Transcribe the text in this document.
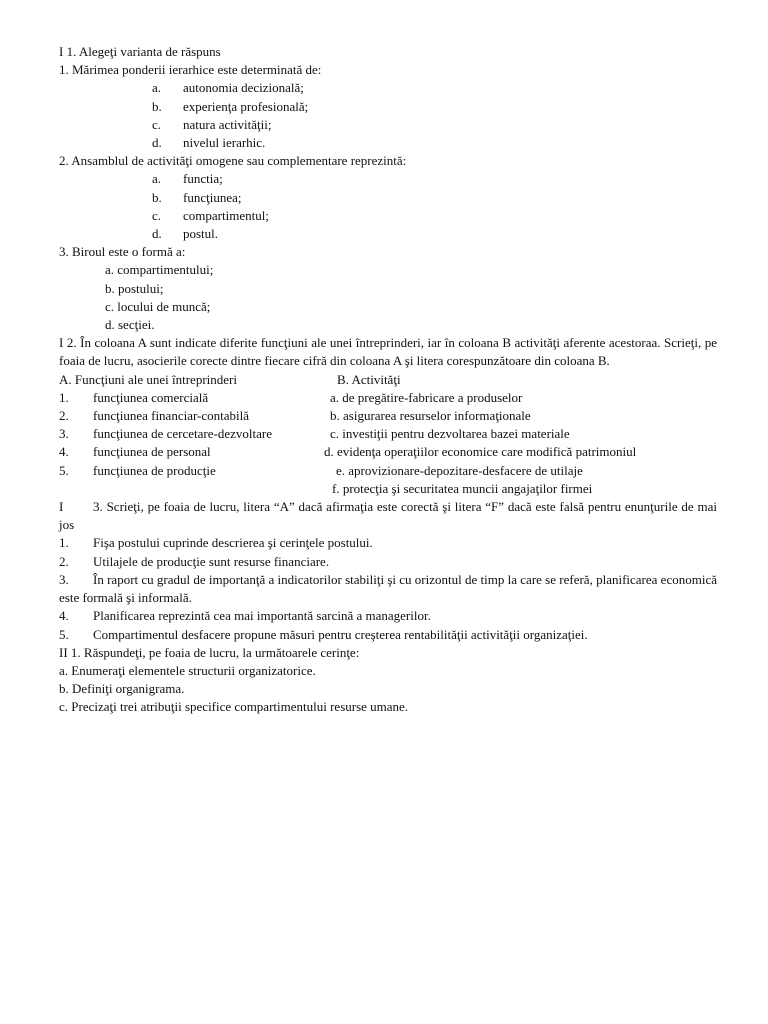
I 1. Alegeţi varianta de răspuns
1. Mărimea ponderii ierarhice este determinată de:
a. autonomia decizională;
b. experienţa profesională;
c. natura activităţii;
d. nivelul ierarhic.
2. Ansamblul de activităţi omogene sau complementare reprezintă:
a. functia;
b. funcţiunea;
c. compartimentul;
d. postul.
3. Biroul este o formă a:
a. compartimentului;
b. postului;
c. locului de muncă;
d. secţiei.
I 2. În coloana A sunt indicate diferite funcţiuni ale unei întreprinderi, iar în coloana B activităţi aferente acestoraa. Scrieţi, pe foaia de lucru, asocierile corecte dintre fiecare cifră din coloana A şi litera corespunzătoare din coloana B.
A. Funcţiuni ale unei întreprinderi	B. Activităţi
1. funcţiunea comercială	a. de pregătire-fabricare a produselor
2. funcţiunea financiar-contabilă	b. asigurarea resurselor informaţionale
3. funcţiunea de cercetare-dezvoltare	c. investiţii pentru dezvoltarea bazei materiale
4. funcţiunea de personal	d. evidenţa operaţiilor economice care modifică patrimoniul
5. funcţiunea de producţie	e. aprovizionare-depozitare-desfacere de utilaje
f. protecţia şi securitatea muncii angajaţilor firmei
I 3. Scrieţi, pe foaia de lucru, litera “A” dacă afirmaţia este corectă şi litera “F” dacă este falsă pentru enunţurile de mai jos
1. Fişa postului cuprinde descrierea şi cerinţele postului.
2. Utilajele de producţie sunt resurse financiare.
3. În raport cu gradul de importanţă a indicatorilor stabiliţi şi cu orizontul de timp la care se referă, planificarea economică este formală şi informală.
4. Planificarea reprezintă cea mai importantă sarcină a managerilor.
5. Compartimentul desfacere propune măsuri pentru creşterea rentabilităţii activităţii organizaţiei.
II 1. Răspundeţi, pe foaia de lucru, la următoarele cerinţe:
a. Enumeraţi elementele structurii organizatorice.
b. Definiţi organigrama.
c. Precizaţi trei atribuţii specifice compartimentului resurse umane.
